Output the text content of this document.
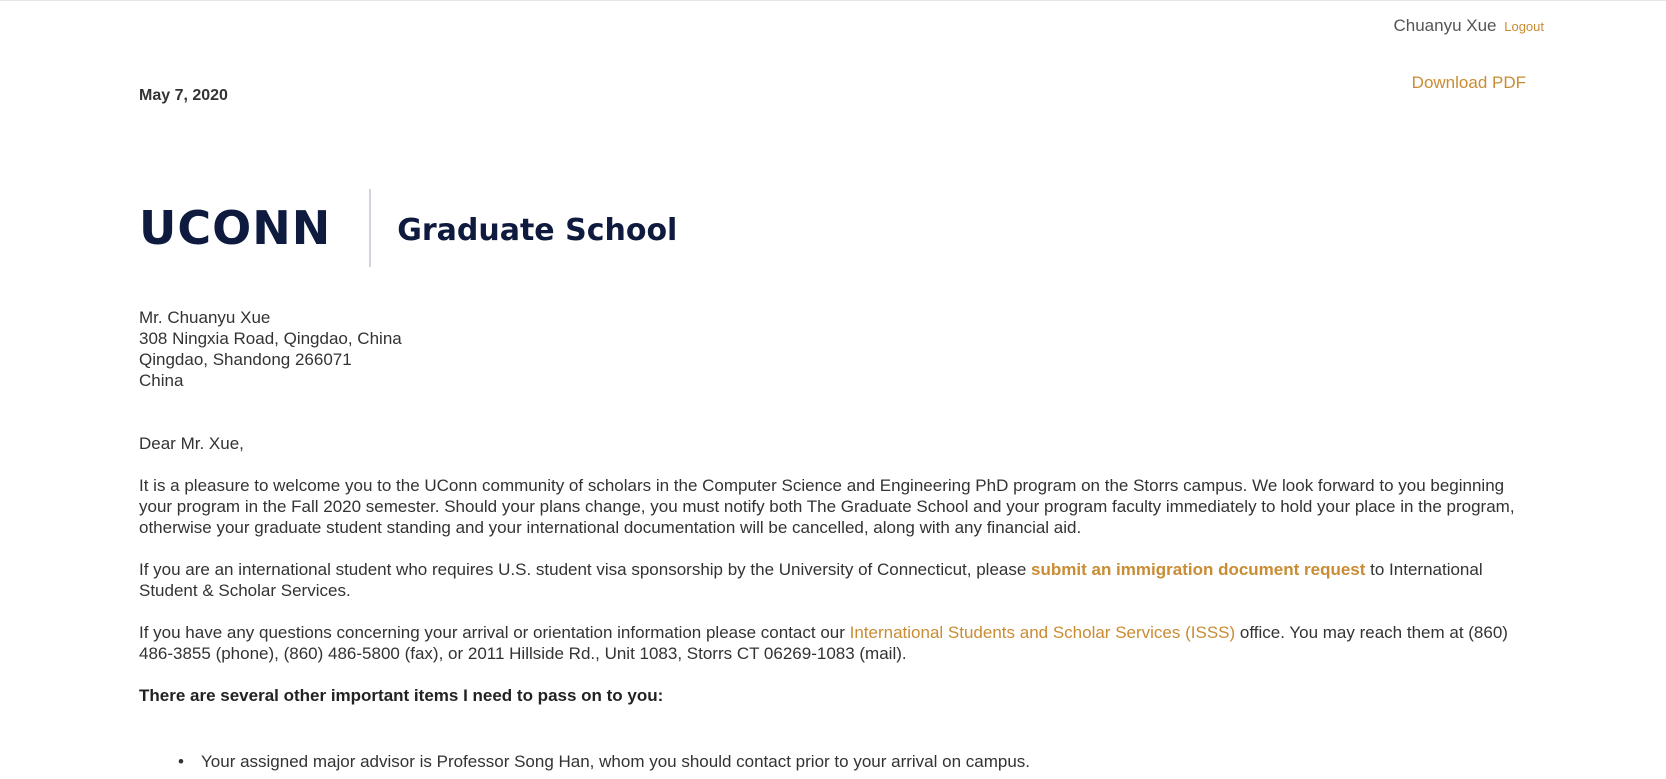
Chuanyu Xue Logout
Download PDF
May 7, 2020
UCONN Graduate School
Mr. Chuanyu Xue
308 Ningxia Road, Qingdao, China
Qingdao, Shandong 266071
China

Dear Mr. Xue,

It is a pleasure to welcome you to the UConn community of scholars in the Computer Science and Engineering PhD program on the Storrs campus. We look forward to you beginning your program in the Fall 2020 semester. Should your plans change, you must notify both The Graduate School and your program faculty immediately to hold your place in the program, otherwise your graduate student standing and your international documentation will be cancelled, along with any financial aid.

If you are an international student who requires U.S. student visa sponsorship by the University of Connecticut, please submit an immigration document request to International Student & Scholar Services.

If you have any questions concerning your arrival or orientation information please contact our International Students and Scholar Services (ISSS) office. You may reach them at (860) 486-3855 (phone), (860) 486-5800 (fax), or 2011 Hillside Rd., Unit 1083, Storrs CT 06269-1083 (mail).

There are several other important items I need to pass on to you:

• Your assigned major advisor is Professor Song Han, whom you should contact prior to your arrival on campus.
